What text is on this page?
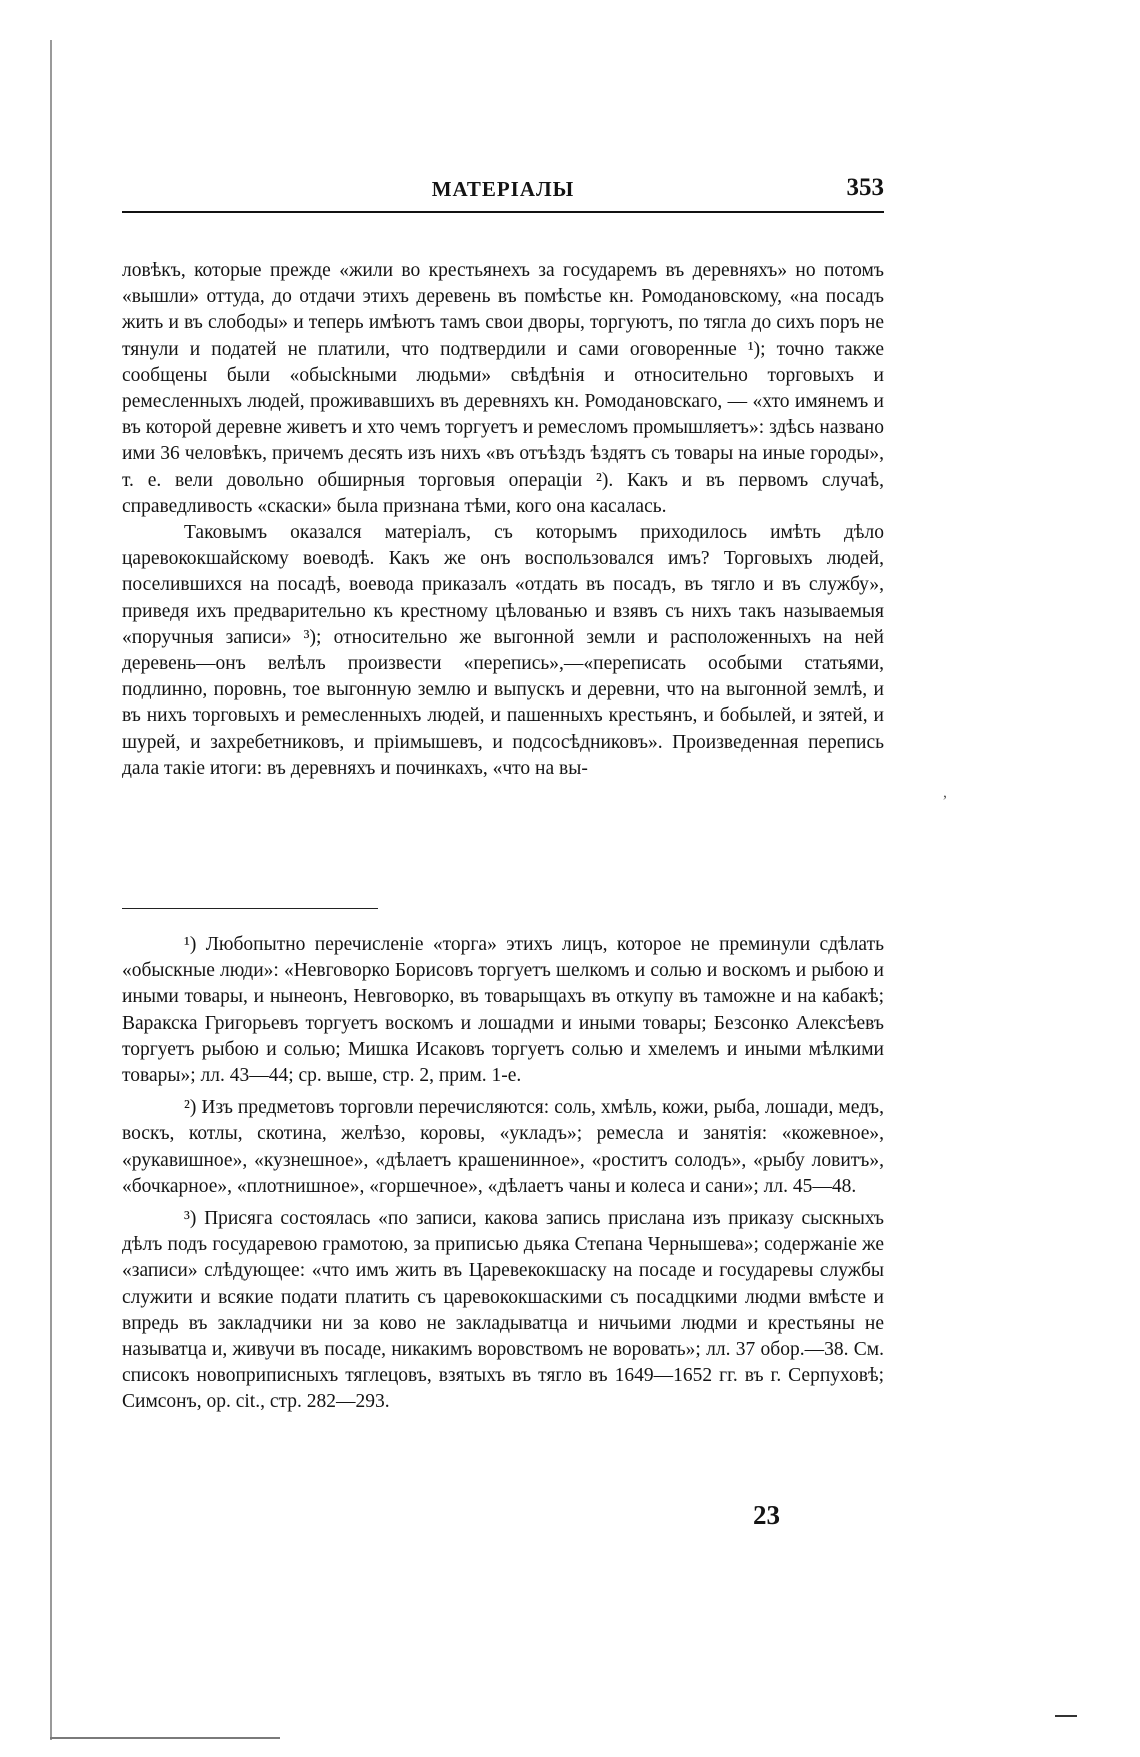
МАТЕРІАЛЫ	353

ловѣкъ, которые прежде «жили во крестьянехъ за государемъ въ деревняхъ» но потомъ «вышли» оттуда, до отдачи этихъ деревень въ помѣстье кн. Ромодановскому, «на посадъ жить и въ слободы» и теперь имѣютъ тамъ свои дворы, торгуютъ, по тягла до сихъ поръ не тянули и податей не платили, что подтвердили и сами оговоренные ¹); точно также сообщены были «обысkными людьми» свѣдѣнія и относительно торговыхъ и ремесленныхъ людей, проживавшихъ въ деревняхъ кн. Ромодановскаго, — «хто имянемъ и въ которой деревне живетъ и хто чемъ торгуетъ и ремесломъ промышляетъ»: здѣсь названо ими 36 человѣкъ, причемъ десять изъ нихъ «въ отъѣздъ ѣздятъ съ товары на иные городы», т. е. вели довольно обширныя торговыя операціи ²). Какъ и въ первомъ случаѣ, справедливость «скаски» была признана тѣми, кого она касалась.

Таковымъ оказался матеріалъ, съ которымъ приходилось имѣть дѣло царевококшайскому воеводѣ. Какъ же онъ воспользовался имъ? Торговыхъ людей, поселившихся на посадѣ, воевода приказалъ «отдать въ посадъ, въ тягло и въ службу», приведя ихъ предварительно къ крестному цѣлованью и взявъ съ нихъ такъ называемыя «поручныя записи» ³); относительно же выгонной земли и расположенныхъ на ней деревень—онъ велѣлъ произвести «перепись»,—«переписать особыми статьями, подлинно, поровнь, тое выгонную землю и выпускъ и деревни, что на выгонной землѣ, и въ нихъ торговыхъ и ремесленныхъ людей, и пашенныхъ крестьянъ, и бобылей, и зятей, и шурей, и захребетниковъ, и пріимышевъ, и подсосѣдниковъ». Произведенная перепись дала такіе итоги: въ деревняхъ и починкахъ, «что на вы-

,

¹) Любопытно перечисленіе «торга» этихъ лицъ, которое не преминули сдѣлать «обыскные люди»: «Невговорко Борисовъ торгуетъ шелкомъ и солью и воскомъ и рыбою и иными товары, и нынеонъ, Невговорко, въ товарыщахъ въ откупу въ таможне и на кабакѣ; Варакска Григорьевъ торгуетъ воскомъ и лошадми и иными товары; Безсонко Алексѣевъ торгуетъ рыбою и солью; Мишка Исаковъ торгуетъ солью и хмелемъ и иными мѣлкими товары»; лл. 43—44; ср. выше, стр. 2, прим. 1-е.

²) Изъ предметовъ торговли перечисляются: соль, хмѣль, кожи, рыба, лошади, медъ, воскъ, котлы, скотина, желѣзо, коровы, «укладъ»; ремесла и занятія: «кожевное», «рукавишное», «кузнешное», «дѣлаетъ крашенинное», «роститъ солодъ», «рыбу ловитъ», «бочкарное», «плотнишное», «горшечное», «дѣлаетъ чаны и колеса и сани»; лл. 45—48.

³) Присяга состоялась «по записи, какова запись прислана изъ приказу сыскныхъ дѣлъ подъ государевою грамотою, за приписью дьяка Степана Чернышева»; содержаніе же «записи» слѣдующее: «что имъ жить въ Царевекокшаску на посаде и государевы службы служити и всякие подати платить съ царевококшаскими съ посадцкими людми вмѣсте и впредь въ закладчики ни за ково не закладыватца и ничьими людми и крестьяны не называтца и, живучи въ посаде, никакимъ воровствомъ не воровать»; лл. 37 обор.—38. См. списокъ новоприписныхъ тяглецовъ, взятыхъ въ тягло въ 1649—1652 гг. въ г. Серпуховѣ; Симсонъ, op. cit., стр. 282—293.

23
